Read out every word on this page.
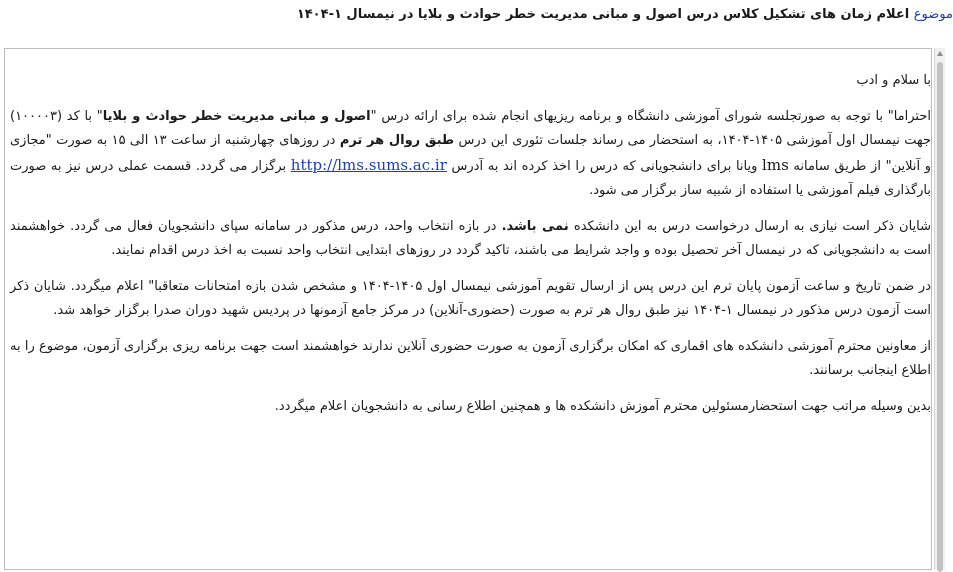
موضوع اعلام زمان های تشکیل کلاس درس اصول و مبانی مدیریت خطر حوادث و بلایا در نیمسال ۱-۱۴۰۴

با سلام و ادب

احتراما" با توجه به صورتجلسه شورای آموزشی دانشگاه و برنامه ریزیهای انجام شده برای ارائه درس "اصول و مبانی مدیریت خطر حوادث و بلایا" با کد (۱۰۰۰۰۳) جهت نیمسال اول آموزشی ۱۴۰۵-۱۴۰۴، به استحضار می رساند جلسات تئوری این درس طبق روال هر ترم در روزهای چهارشنبه از ساعت ۱۳ الی ۱۵ به صورت "مجازی و آنلاین" از طریق سامانه lms ویانا برای دانشجویانی که درس را اخذ کرده اند به آدرس http://lms.sums.ac.ir برگزار می گردد. قسمت عملی درس نیز به صورت بارگذاری فیلم آموزشی یا استفاده از شبیه ساز برگزار می شود.

شایان ذکر است نیازی به ارسال درخواست درس به این دانشکده نمی باشد. در بازه انتخاب واحد، درس مذکور در سامانه سپای دانشجویان فعال می گردد. خواهشمند است به دانشجویانی که در نیمسال آخر تحصیل بوده و واجد شرایط می باشند، تاکید گردد در روزهای ابتدایی انتخاب واحد نسبت به اخذ درس اقدام نمایند.

در ضمن تاریخ و ساعت آزمون پایان ترم این درس پس از ارسال تقویم آموزشی نیمسال اول ۱۴۰۵-۱۴۰۴ و مشخص شدن بازه امتحانات متعاقبا" اعلام میگردد. شایان ذکر است آزمون درس مذکور در نیمسال ۱-۱۴۰۴ نیز طبق روال هر ترم به صورت (حضوری-آنلاین) در مرکز جامع آزمونها در پردیس شهید دوران صدرا برگزار خواهد شد.

از معاونین محترم آموزشی دانشکده های اقماری که امکان برگزاری آزمون به صورت حضوری آنلاین ندارند خواهشمند است جهت برنامه ریزی برگزاری آزمون، موضوع را به اطلاع اینجانب برسانند.

بدین وسیله مراتب جهت استحضارمسئولین محترم آموزش دانشکده ها و همچنین اطلاع رسانی به دانشجویان اعلام میگردد.
